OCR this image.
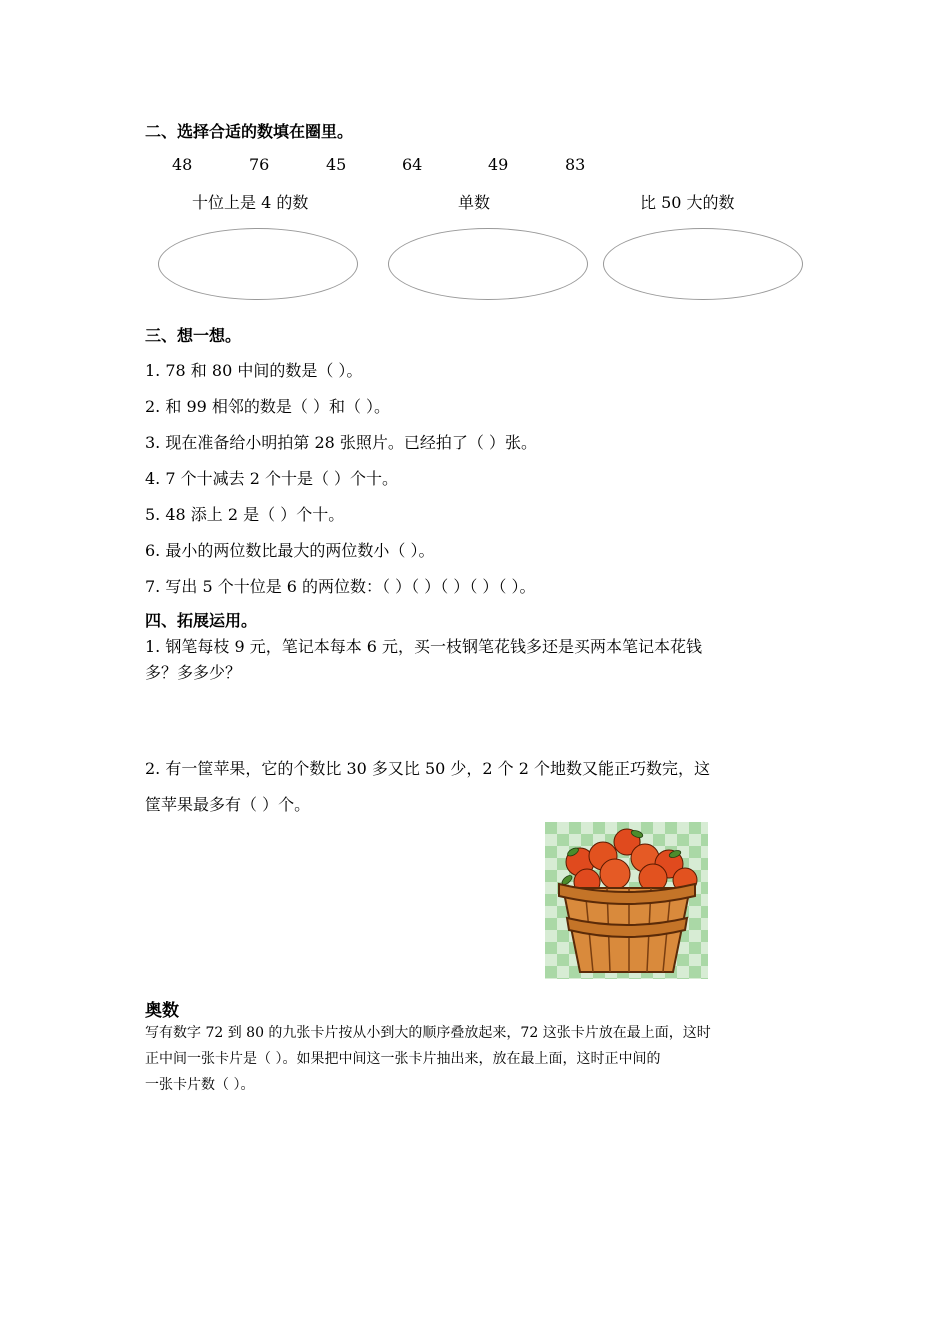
二、选择合适的数填在圈里。
48	76	45	64	49	83
十位上是 4 的数	单数	比 50 大的数
三、想一想。
1. 78 和 80 中间的数是（ ）。
2. 和 99 相邻的数是（ ）和（ ）。
3. 现在准备给小明拍第 28 张照片。已经拍了（ ）张。
4. 7 个十减去 2 个十是（ ）个十。
5. 48 添上 2 是（ ）个十。
6. 最小的两位数比最大的两位数小（ ）。
7. 写出 5 个十位是 6 的两位数：（ ）（ ）（ ）（ ）（ ）。
四、拓展运用。
1. 钢笔每枝 9 元，笔记本每本 6 元，买一枝钢笔花钱多还是买两本笔记本花钱
多？多多少？
2. 有一筐苹果，它的个数比 30 多又比 50 少，2 个 2 个地数又能正巧数完，这
筐苹果最多有（ ）个。
奥数
写有数字 72 到 80 的九张卡片按从小到大的顺序叠放起来，72 这张卡片放在最上面，这时
正中间一张卡片是（ ）。如果把中间这一张卡片抽出来，放在最上面，这时正中间的
一张卡片数（ ）。
